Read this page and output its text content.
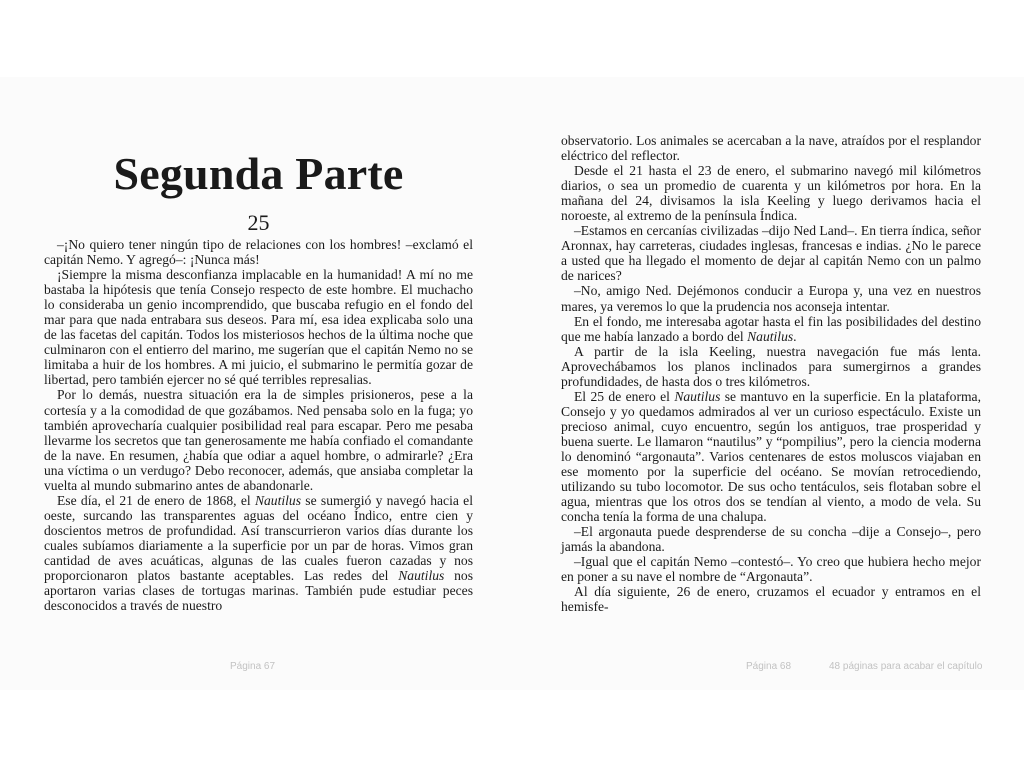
Segunda Parte
25

–¡No quiero tener ningún tipo de relaciones con los hombres! –exclamó el capitán Nemo. Y agregó–: ¡Nunca más!

¡Siempre la misma desconfianza implacable en la humanidad! A mí no me bastaba la hipótesis que tenía Consejo respecto de este hombre. El muchacho lo consideraba un genio incomprendido, que buscaba refugio en el fondo del mar para que nada entrabara sus deseos. Para mí, esa idea explicaba solo una de las facetas del capitán. Todos los misteriosos hechos de la última noche que culminaron con el entierro del marino, me sugerían que el capitán Nemo no se limitaba a huir de los hombres. A mi juicio, el submarino le permitía gozar de libertad, pero también ejercer no sé qué terribles represalias.

Por lo demás, nuestra situación era la de simples prisioneros, pese a la cortesía y a la comodidad de que gozábamos. Ned pensaba solo en la fuga; yo también aprovecharía cualquier posibilidad real para escapar. Pero me pesaba llevarme los secretos que tan generosamente me había confiado el comandante de la nave. En resumen, ¿había que odiar a aquel hombre, o admirarle? ¿Era una víctima o un verdugo? Debo reconocer, además, que ansiaba completar la vuelta al mundo submarino antes de abandonarle.

Ese día, el 21 de enero de 1868, el Nautilus se sumergió y navegó hacia el oeste, surcando las transparentes aguas del océano Índico, entre cien y doscientos metros de profundidad. Así transcurrieron varios días durante los cuales subíamos diariamente a la superficie por un par de horas. Vimos gran cantidad de aves acuáticas, algunas de las cuales fueron cazadas y nos proporcionaron platos bastante aceptables. Las redes del Nautilus nos aportaron varias clases de tortugas marinas. También pude estudiar peces desconocidos a través de nuestro

observatorio. Los animales se acercaban a la nave, atraídos por el resplandor eléctrico del reflector.

Desde el 21 hasta el 23 de enero, el submarino navegó mil kilómetros diarios, o sea un promedio de cuarenta y un kilómetros por hora. En la mañana del 24, divisamos la isla Keeling y luego derivamos hacia el noroeste, al extremo de la península Índica.

–Estamos en cercanías civilizadas –dijo Ned Land–. En tierra índica, señor Aronnax, hay carreteras, ciudades inglesas, francesas e indias. ¿No le parece a usted que ha llegado el momento de dejar al capitán Nemo con un palmo de narices?

–No, amigo Ned. Dejémonos conducir a Europa y, una vez en nuestros mares, ya veremos lo que la prudencia nos aconseja intentar.

En el fondo, me interesaba agotar hasta el fin las posibilidades del destino que me había lanzado a bordo del Nautilus.

A partir de la isla Keeling, nuestra navegación fue más lenta. Aprovechábamos los planos inclinados para sumergirnos a grandes profundidades, de hasta dos o tres kilómetros.

El 25 de enero el Nautilus se mantuvo en la superficie. En la plataforma, Consejo y yo quedamos admirados al ver un curioso espectáculo. Existe un precioso animal, cuyo encuentro, según los antiguos, trae prosperidad y buena suerte. Le llamaron “nautilus” y “pompilius”, pero la ciencia moderna lo denominó “argonauta”. Varios centenares de estos moluscos viajaban en ese momento por la superficie del océano. Se movían retrocediendo, utilizando su tubo locomotor. De sus ocho tentáculos, seis flotaban sobre el agua, mientras que los otros dos se tendían al viento, a modo de vela. Su concha tenía la forma de una chalupa.

–El argonauta puede desprenderse de su concha –dije a Consejo–, pero jamás la abandona.

–Igual que el capitán Nemo –contestó–. Yo creo que hubiera hecho mejor en poner a su nave el nombre de “Argonauta”.

Al día siguiente, 26 de enero, cruzamos el ecuador y entramos en el hemisfe-

Página 67	Página 68	48 páginas para acabar el capítulo
